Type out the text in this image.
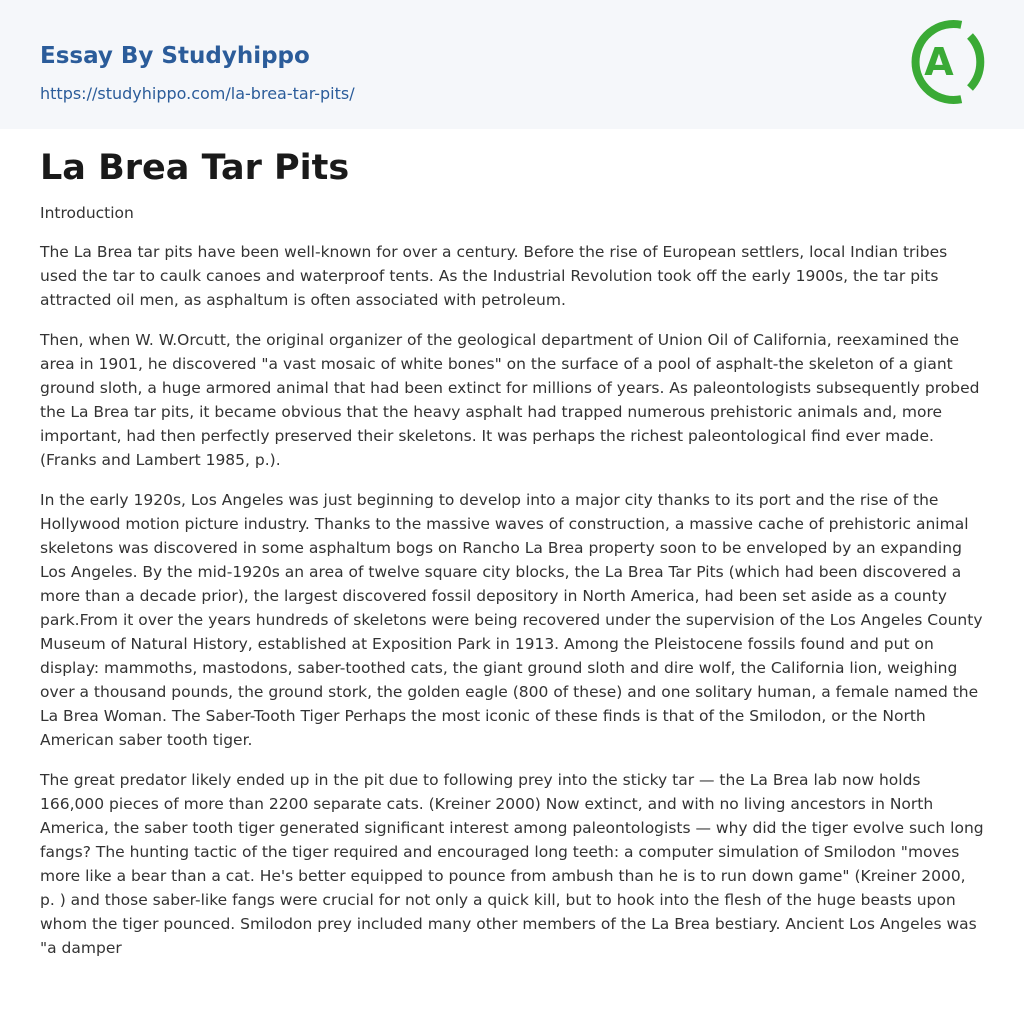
Essay By Studyhippo
https://studyhippo.com/la-brea-tar-pits/
A
La Brea Tar Pits

Introduction

The La Brea tar pits have been well-known for over a century. Before the rise of European settlers, local Indian tribes used the tar to caulk canoes and waterproof tents. As the Industrial Revolution took off the early 1900s, the tar pits attracted oil men, as asphaltum is often associated with petroleum.

Then, when W. W.Orcutt, the original organizer of the geological department of Union Oil of California, reexamined the area in 1901, he discovered "a vast mosaic of white bones" on the surface of a pool of asphalt-the skeleton of a giant ground sloth, a huge armored animal that had been extinct for millions of years. As paleontologists subsequently probed the La Brea tar pits, it became obvious that the heavy asphalt had trapped numerous prehistoric animals and, more important, had then perfectly preserved their skeletons. It was perhaps the richest paleontological find ever made. (Franks and Lambert 1985, p.).

In the early 1920s, Los Angeles was just beginning to develop into a major city thanks to its port and the rise of the Hollywood motion picture industry. Thanks to the massive waves of construction, a massive cache of prehistoric animal skeletons was discovered in some asphaltum bogs on Rancho La Brea property soon to be enveloped by an expanding Los Angeles. By the mid-1920s an area of twelve square city blocks, the La Brea Tar Pits (which had been discovered a more than a decade prior), the largest discovered fossil depository in North America, had been set aside as a county park.From it over the years hundreds of skeletons were being recovered under the supervision of the Los Angeles County Museum of Natural History, established at Exposition Park in 1913. Among the Pleistocene fossils found and put on display: mammoths, mastodons, saber-toothed cats, the giant ground sloth and dire wolf, the California lion, weighing over a thousand pounds, the ground stork, the golden eagle (800 of these) and one solitary human, a female named the La Brea Woman. The Saber-Tooth Tiger Perhaps the most iconic of these finds is that of the Smilodon, or the North American saber tooth tiger.

The great predator likely ended up in the pit due to following prey into the sticky tar — the La Brea lab now holds 166,000 pieces of more than 2200 separate cats. (Kreiner 2000) Now extinct, and with no living ancestors in North America, the saber tooth tiger generated significant interest among paleontologists — why did the tiger evolve such long fangs? The hunting tactic of the tiger required and encouraged long teeth: a computer simulation of Smilodon "moves more like a bear than a cat. He's better equipped to pounce from ambush than he is to run down game" (Kreiner 2000, p. ) and those saber-like fangs were crucial for not only a quick kill, but to hook into the flesh of the huge beasts upon whom the tiger pounced. Smilodon prey included many other members of the La Brea bestiary. Ancient Los Angeles was "a damper
